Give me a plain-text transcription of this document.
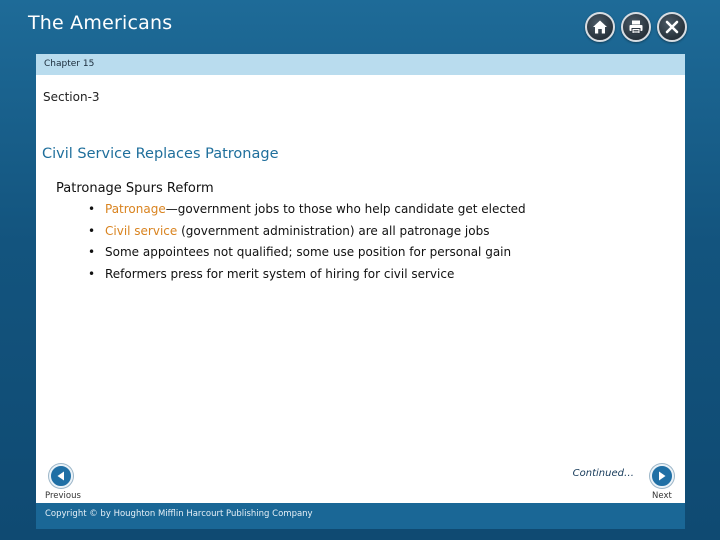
The Americans
Chapter 15
Section-3
Civil Service Replaces Patronage
Patronage Spurs Reform
• Patronage—government jobs to those who help candidate get elected
• Civil service (government administration) are all patronage jobs
• Some appointees not qualified; some use position for personal gain
• Reformers press for merit system of hiring for civil service
Continued…
Previous	Next
Copyright © by Houghton Mifflin Harcourt Publishing Company
